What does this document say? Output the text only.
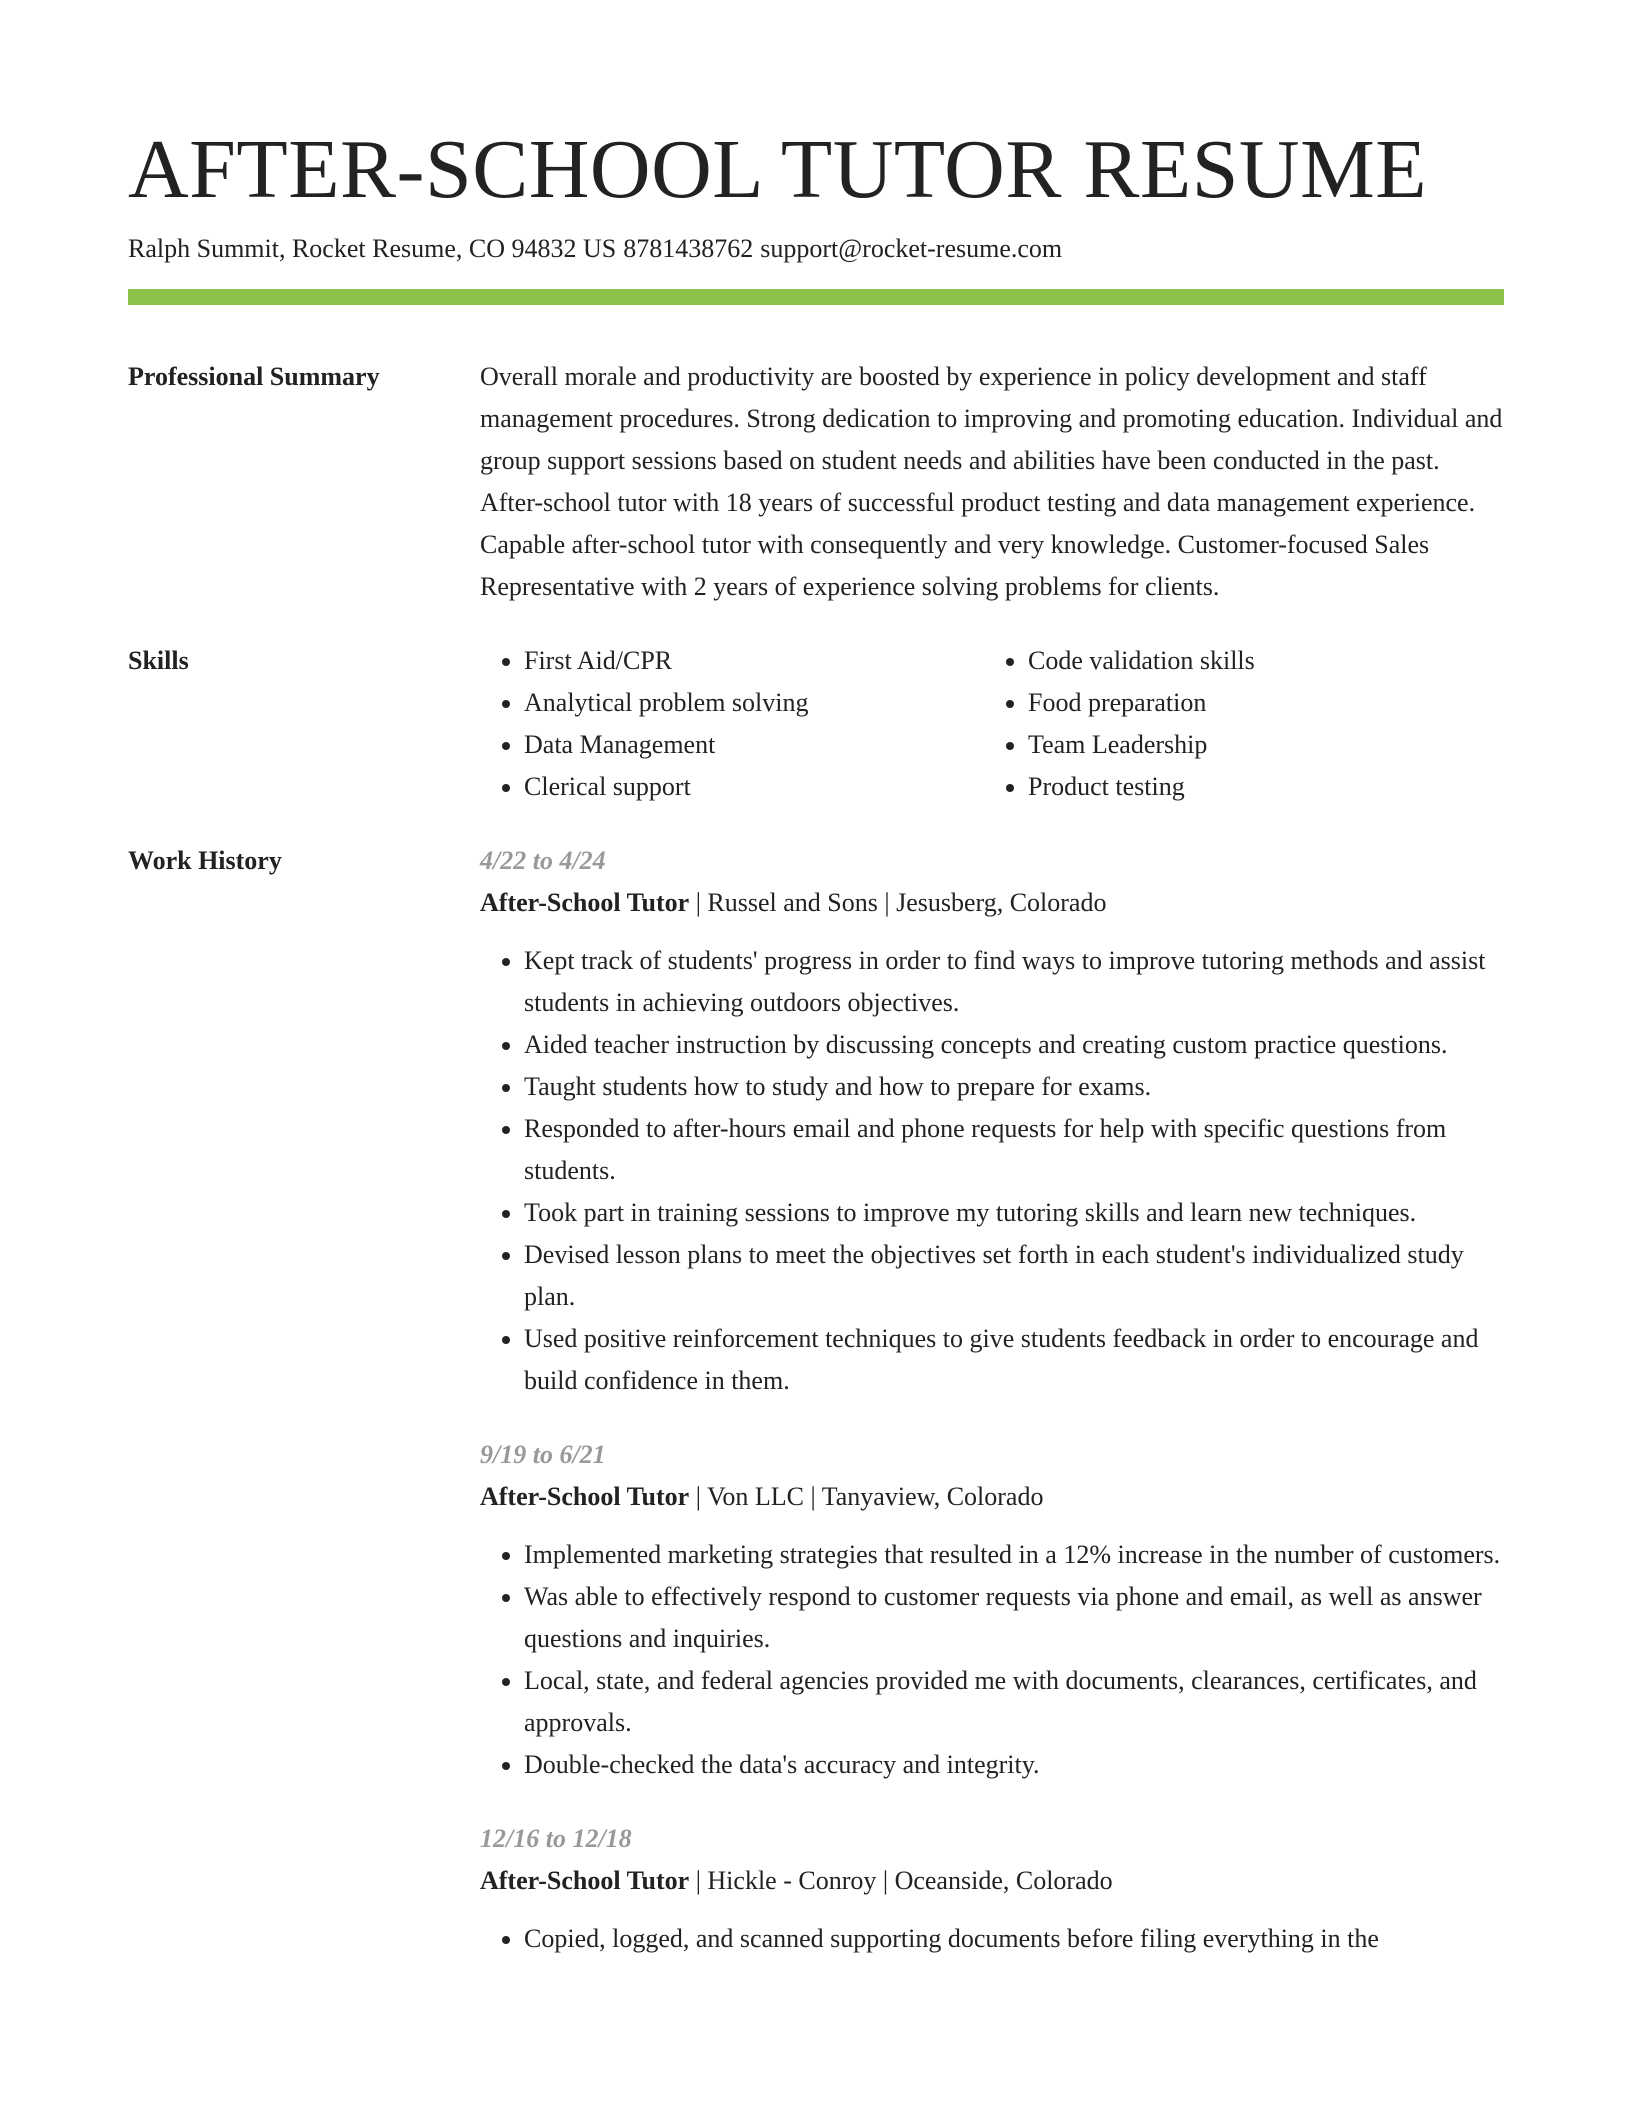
AFTER-SCHOOL TUTOR RESUME
Ralph Summit, Rocket Resume, CO 94832 US 8781438762 support@rocket-resume.com
Professional Summary	Overall morale and productivity are boosted by experience in policy development and staff management procedures. Strong dedication to improving and promoting education. Individual and group support sessions based on student needs and abilities have been conducted in the past. After-school tutor with 18 years of successful product testing and data management experience. Capable after-school tutor with consequently and very knowledge. Customer-focused Sales Representative with 2 years of experience solving problems for clients.

Skills
•	First Aid/CPR
• Analytical problem solving
• Data Management
• Clerical support
• Code validation skills
• Food preparation
• Team Leadership
• Product testing
Work History	4/22 to 4/24
After-School Tutor | Russel and Sons | Jesusberg, Colorado
• Kept track of students' progress in order to find ways to improve tutoring methods and assist students in achieving outdoors objectives.
• Aided teacher instruction by discussing concepts and creating custom practice questions.
• Taught students how to study and how to prepare for exams.
• Responded to after-hours email and phone requests for help with specific questions from students.
• Took part in training sessions to improve my tutoring skills and learn new techniques.
• Devised lesson plans to meet the objectives set forth in each student's individualized study plan.
• Used positive reinforcement techniques to give students feedback in order to encourage and build confidence in them.
9/19 to 6/21
After-School Tutor | Von LLC | Tanyaview, Colorado
• Implemented marketing strategies that resulted in a 12% increase in the number of customers.
• Was able to effectively respond to customer requests via phone and email, as well as answer questions and inquiries.
• Local, state, and federal agencies provided me with documents, clearances, certificates, and approvals.
• Double-checked the data's accuracy and integrity.
12/16 to 12/18
After-School Tutor | Hickle - Conroy | Oceanside, Colorado
• Copied, logged, and scanned supporting documents before filing everything in the
